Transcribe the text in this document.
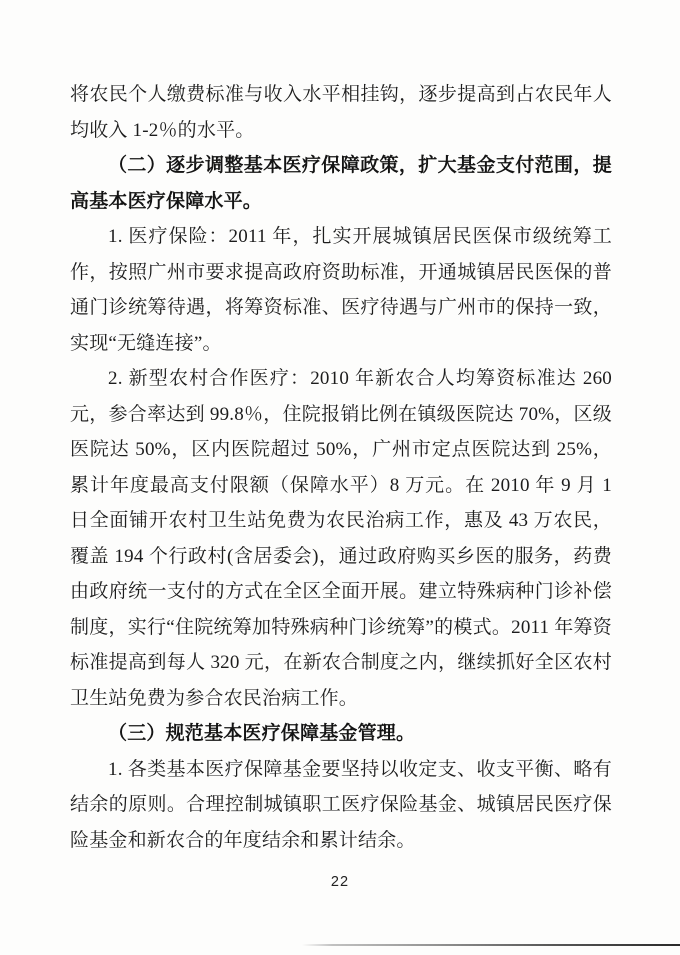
将农民个人缴费标准与收入水平相挂钩，逐步提高到占农民年人均收入 1-2％的水平。

（二）逐步调整基本医疗保障政策，扩大基金支付范围，提高基本医疗保障水平。

1. 医疗保险：2011 年，扎实开展城镇居民医保市级统筹工作，按照广州市要求提高政府资助标准，开通城镇居民医保的普通门诊统筹待遇，将筹资标准、医疗待遇与广州市的保持一致，实现“无缝连接”。

2. 新型农村合作医疗：2010 年新农合人均筹资标准达 260 元，参合率达到 99.8％，住院报销比例在镇级医院达 70%，区级医院达 50%，区内医院超过 50%，广州市定点医院达到 25%，累计年度最高支付限额（保障水平）8 万元。在 2010 年 9 月 1 日全面铺开农村卫生站免费为农民治病工作，惠及 43 万农民，覆盖 194 个行政村(含居委会)，通过政府购买乡医的服务，药费由政府统一支付的方式在全区全面开展。建立特殊病种门诊补偿制度，实行“住院统筹加特殊病种门诊统筹”的模式。2011 年筹资标准提高到每人 320 元，在新农合制度之内，继续抓好全区农村卫生站免费为参合农民治病工作。

（三）规范基本医疗保障基金管理。

1. 各类基本医疗保障基金要坚持以收定支、收支平衡、略有结余的原则。合理控制城镇职工医疗保险基金、城镇居民医疗保险基金和新农合的年度结余和累计结余。

22
